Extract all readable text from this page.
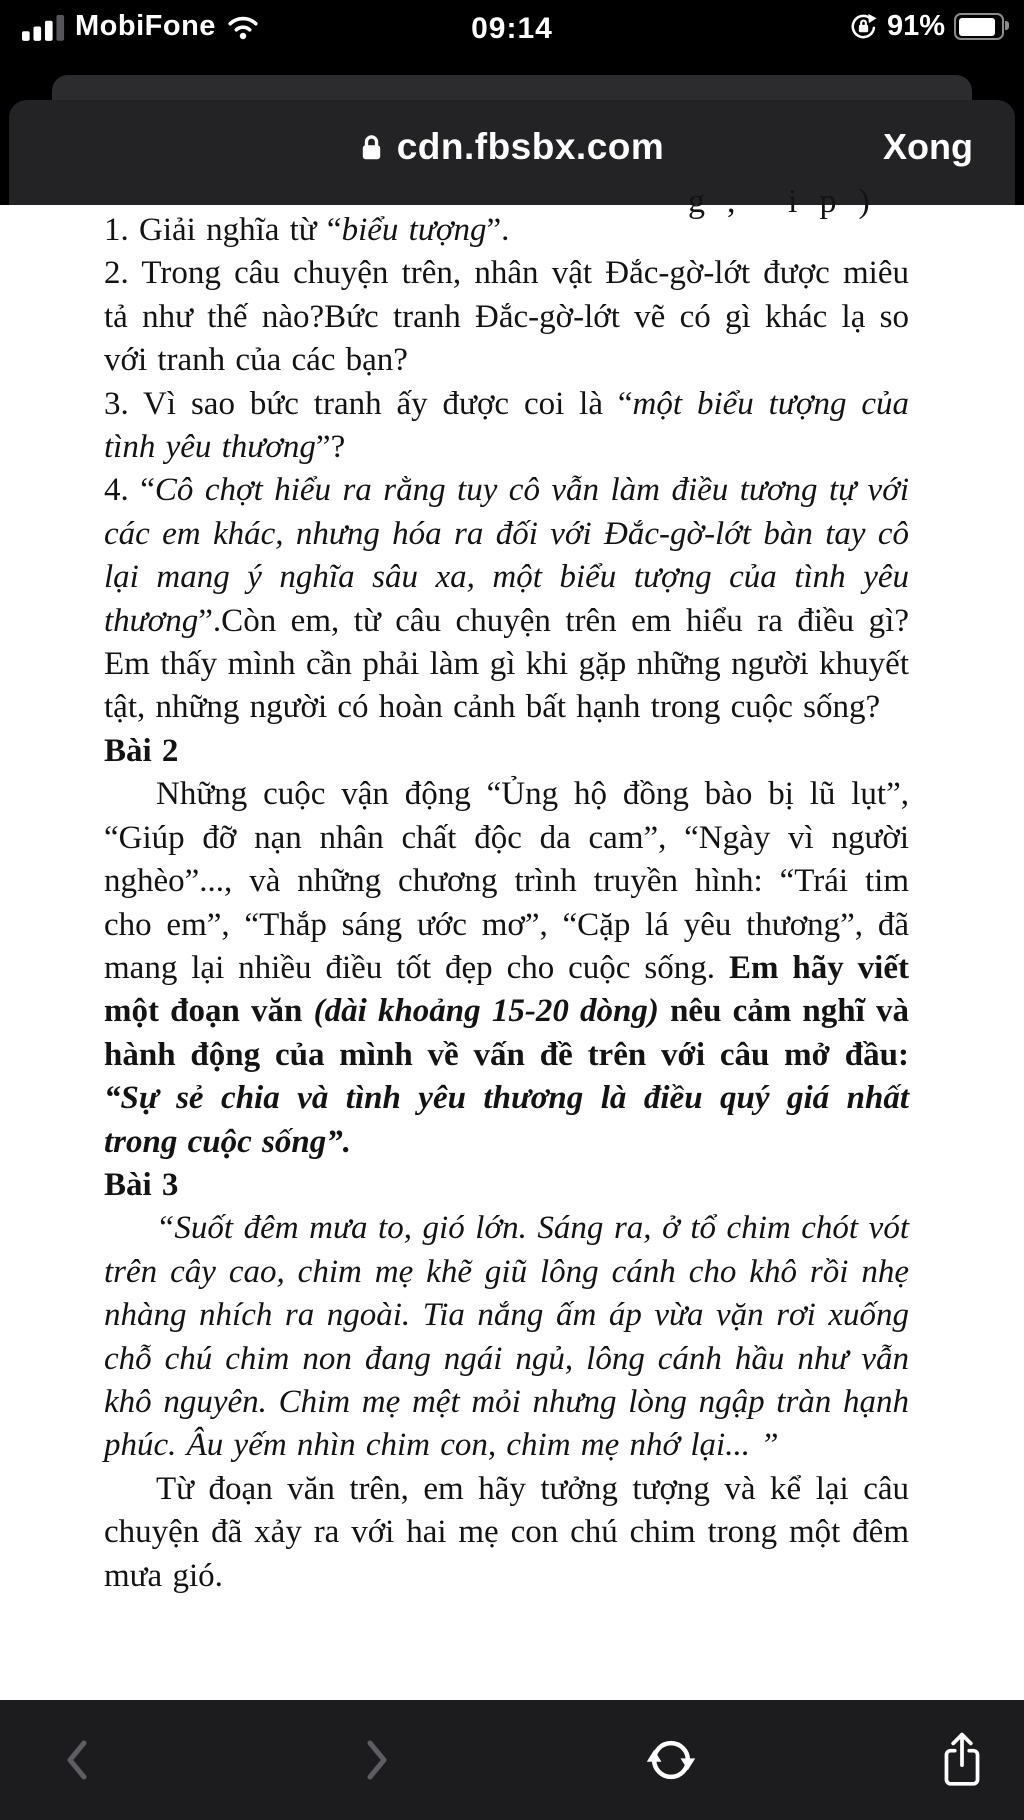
MobiFone	09:14	91%
cdn.fbsbx.com	Xong
g, ip)

1. Giải nghĩa từ “biểu tượng”.

2. Trong câu chuyện trên, nhân vật Đắc-gờ-lớt được miêu tả như thế nào?Bức tranh Đắc-gờ-lớt vẽ có gì khác lạ so với tranh của các bạn?

3. Vì sao bức tranh ấy được coi là “một biểu tượng của tình yêu thương”?

4. “Cô chợt hiểu ra rằng tuy cô vẫn làm điều tương tự với các em khác, nhưng hóa ra đối với Đắc-gờ-lớt bàn tay cô lại mang ý nghĩa sâu xa, một biểu tượng của tình yêu thương”.Còn em, từ câu chuyện trên em hiểu ra điều gì? Em thấy mình cần phải làm gì khi gặp những người khuyết tật, những người có hoàn cảnh bất hạnh trong cuộc sống?

Bài 2

Những cuộc vận động “Ủng hộ đồng bào bị lũ lụt”, “Giúp đỡ nạn nhân chất độc da cam”, “Ngày vì người nghèo”..., và những chương trình truyền hình: “Trái tim cho em”, “Thắp sáng ước mơ”, “Cặp lá yêu thương”, đã mang lại nhiều điều tốt đẹp cho cuộc sống. Em hãy viết một đoạn văn (dài khoảng 15-20 dòng) nêu cảm nghĩ và hành động của mình về vấn đề trên với câu mở đầu: “Sự sẻ chia và tình yêu thương là điều quý giá nhất trong cuộc sống”.

Bài 3

“Suốt đêm mưa to, gió lớn. Sáng ra, ở tổ chim chót vót trên cây cao, chim mẹ khẽ giũ lông cánh cho khô rồi nhẹ nhàng nhích ra ngoài. Tia nắng ấm áp vừa vặn rơi xuống chỗ chú chim non đang ngái ngủ, lông cánh hầu như vẫn khô nguyên. Chim mẹ mệt mỏi nhưng lòng ngập tràn hạnh phúc. Âu yếm nhìn chim con, chim mẹ nhớ lại... ”

Từ đoạn văn trên, em hãy tưởng tượng và kể lại câu chuyện đã xảy ra với hai mẹ con chú chim trong một đêm mưa gió.
